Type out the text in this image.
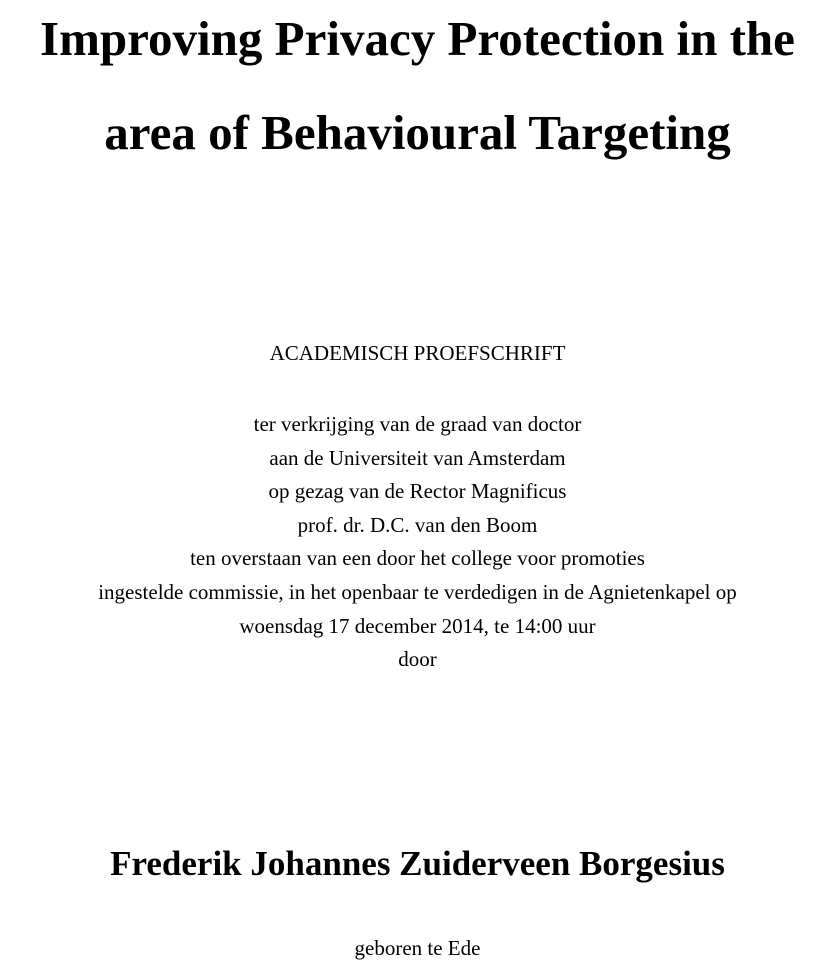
Improving Privacy Protection in the
area of Behavioural Targeting

ACADEMISCH PROEFSCHRIFT

ter verkrijging van de graad van doctor
aan de Universiteit van Amsterdam
op gezag van de Rector Magnificus
prof. dr. D.C. van den Boom
ten overstaan van een door het college voor promoties
ingestelde commissie, in het openbaar te verdedigen in de Agnietenkapel op
woensdag 17 december 2014, te 14:00 uur
door
Frederik Johannes Zuiderveen Borgesius

geboren te Ede
